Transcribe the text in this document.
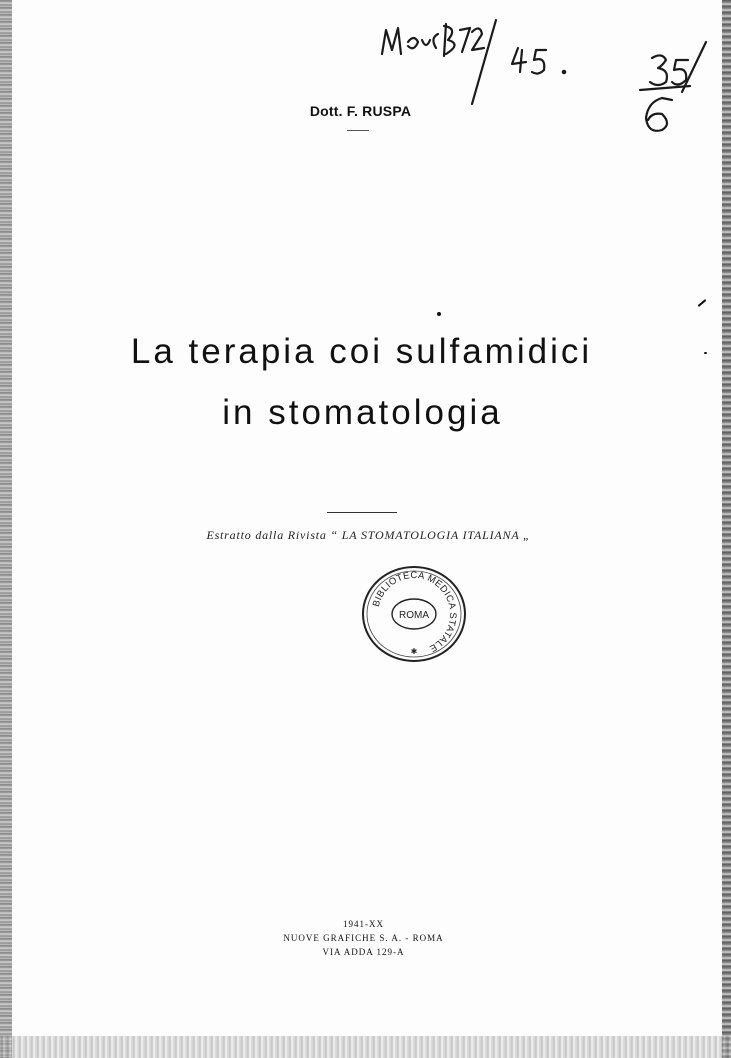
Dott. F. RUSPA
La terapia coi sulfamidici
in stomatologia
Estratto dalla Rivista “ LA STOMATOLOGIA ITALIANA „
BIBLIOTECA MEDICA STATALE
ROMA
✱
1941-XX
NUOVE GRAFICHE S. A. - ROMA
VIA ADDA 129-A
